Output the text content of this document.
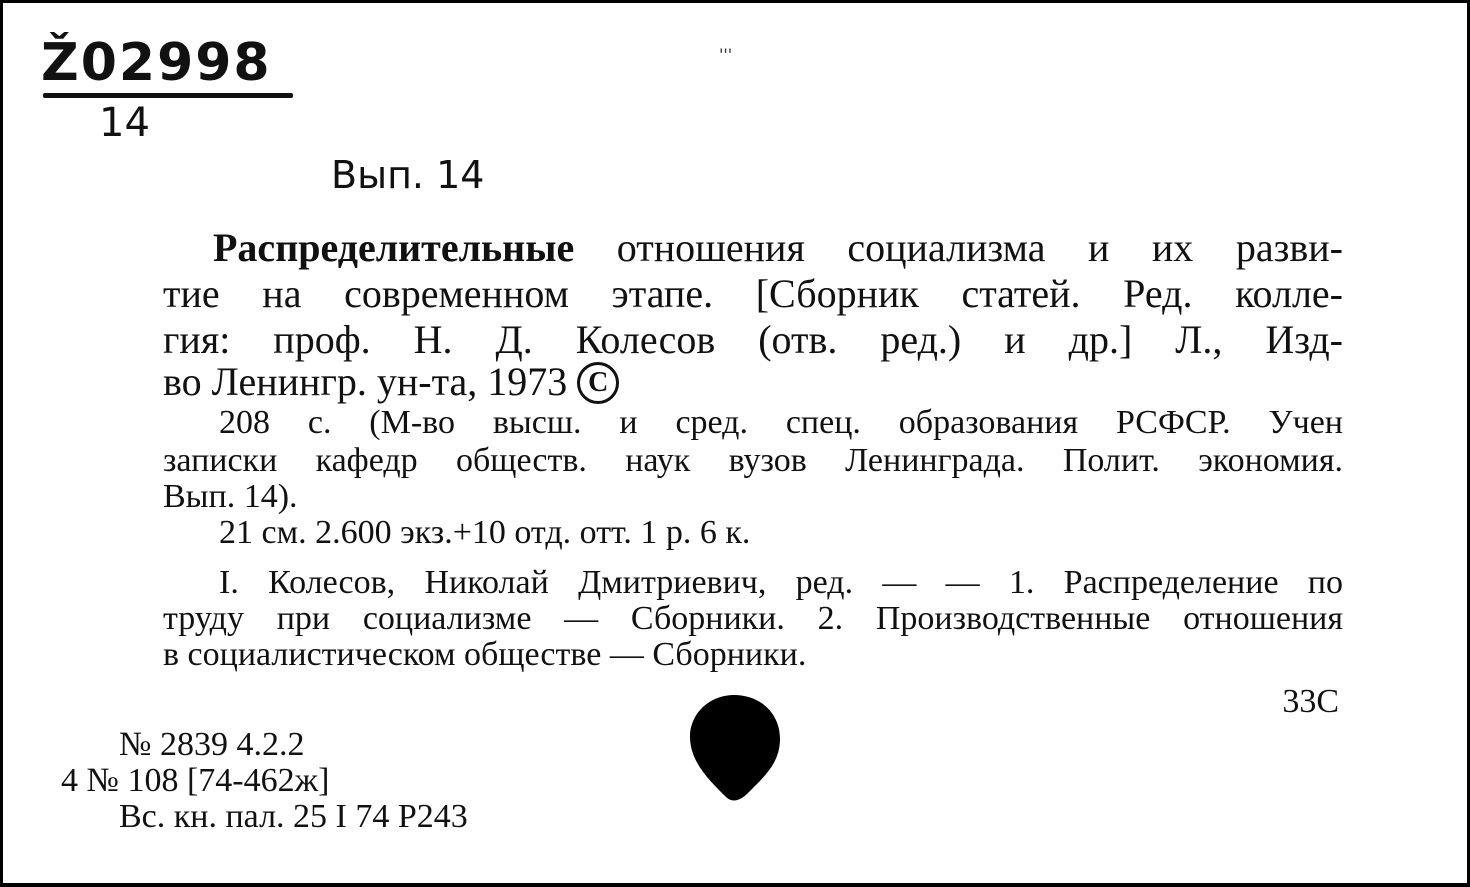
Ž02998
14
Вып. 14
'''
Распределительные отношения социализма и их разви-
тие на современном этапе. [Сборник статей. Ред. колле-
гия: проф. Н. Д. Колесов (отв. ред.) и др.] Л., Изд-
во Ленингр. ун-та, 1973 C
208 с. (М-во высш. и сред. спец. образования РСФСР. Учен
записки кафедр обществ. наук вузов Ленинграда. Полит. экономия.
Вып. 14).
21 см. 2.600 экз.+10 отд. отт. 1 р. 6 к.
I. Колесов, Николай Дмитриевич, ред. — — 1. Распределение по
труду при социализме — Сборники. 2. Производственные отношения
в социалистическом обществе — Сборники.
33С
№ 2839 4.2.2
4 № 108 [74-462ж]
Вс. кн. пал. 25 I 74 Р243
